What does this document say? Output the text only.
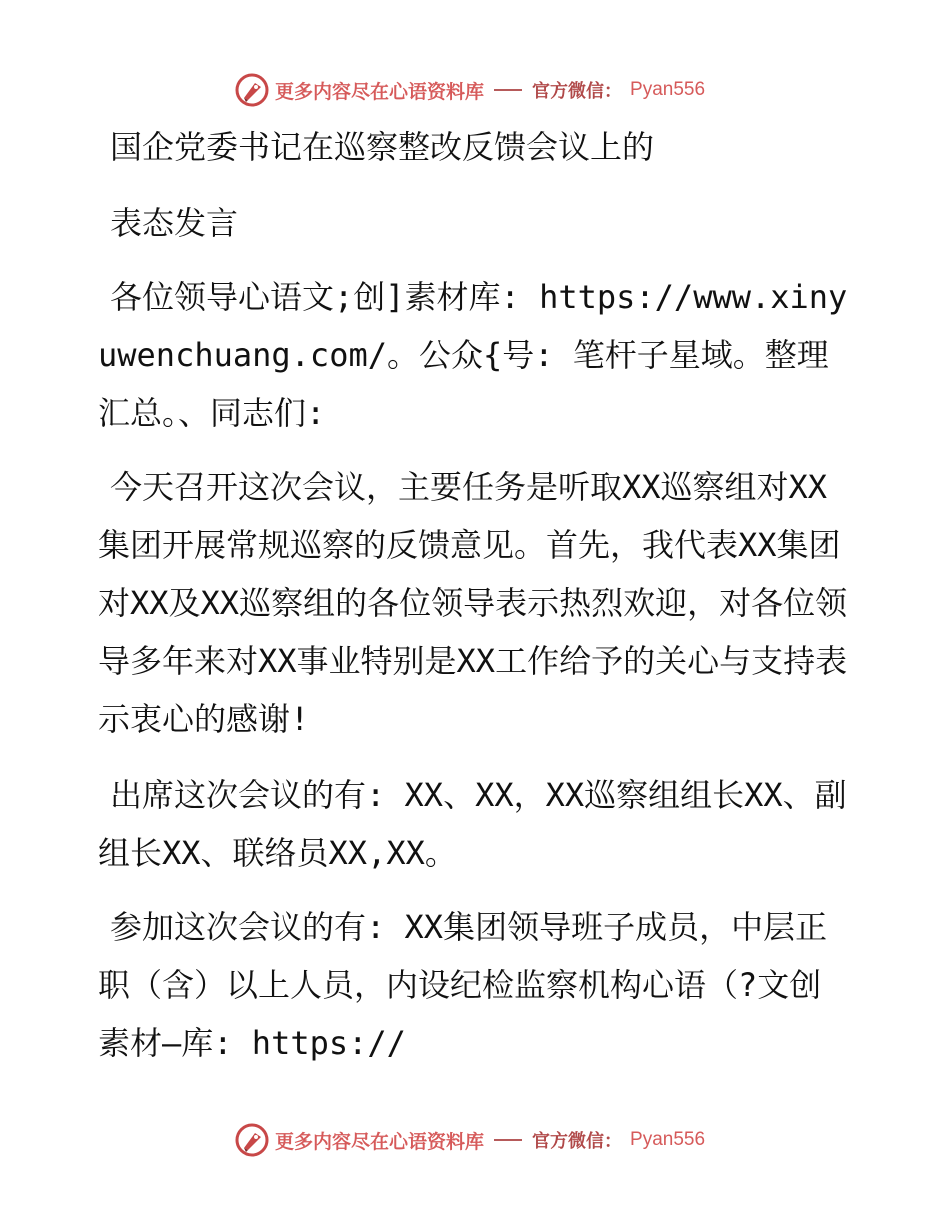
更多内容尽在心语资料库	官方微信： Pyan556

国企党委书记在巡察整改反馈会议上的

表态发言

各位领导心语文;创]素材库: https://www.xinyuwenchuang.com/。公众{号: 笔杆子星域。整理汇总。、同志们:

今天召开这次会议，主要任务是听取XX巡察组对XX集团开展常规巡察的反馈意见。首先，我代表XX集团对XX及XX巡察组的各位领导表示热烈欢迎，对各位领导多年来对XX事业特别是XX工作给予的关心与支持表示衷心的感谢!

出席这次会议的有: XX、XX，XX巡察组组长XX、副组长XX、联络员XX,XX。

参加这次会议的有: XX集团领导班子成员，中层正职（含）以上人员，内设纪检监察机构心语（?文创素材—库: https://

更多内容尽在心语资料库	官方微信： Pyan556
